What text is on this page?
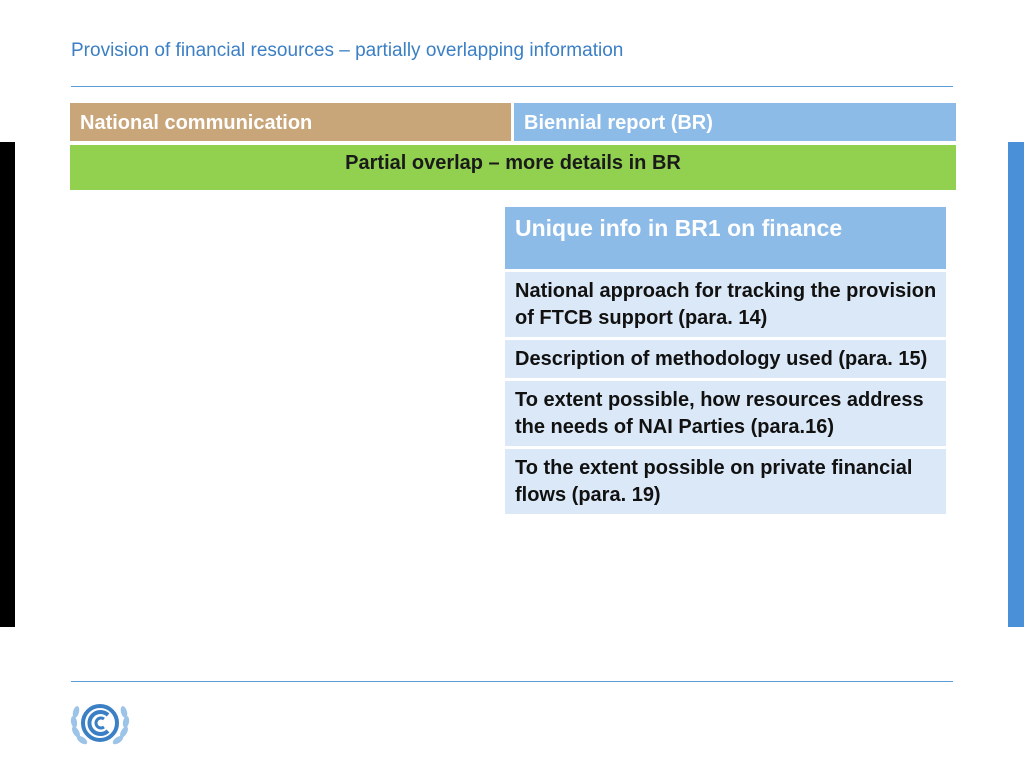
Provision of financial resources – partially overlapping information
National communication	Biennial report (BR)
Partial overlap – more details in BR
Unique info in BR1 on finance
National approach for tracking the provision of FTCB support (para. 14)
Description of methodology used (para. 15)
To extent possible, how resources address the needs of NAI Parties (para.16)
To the extent possible on private financial flows (para. 19)
